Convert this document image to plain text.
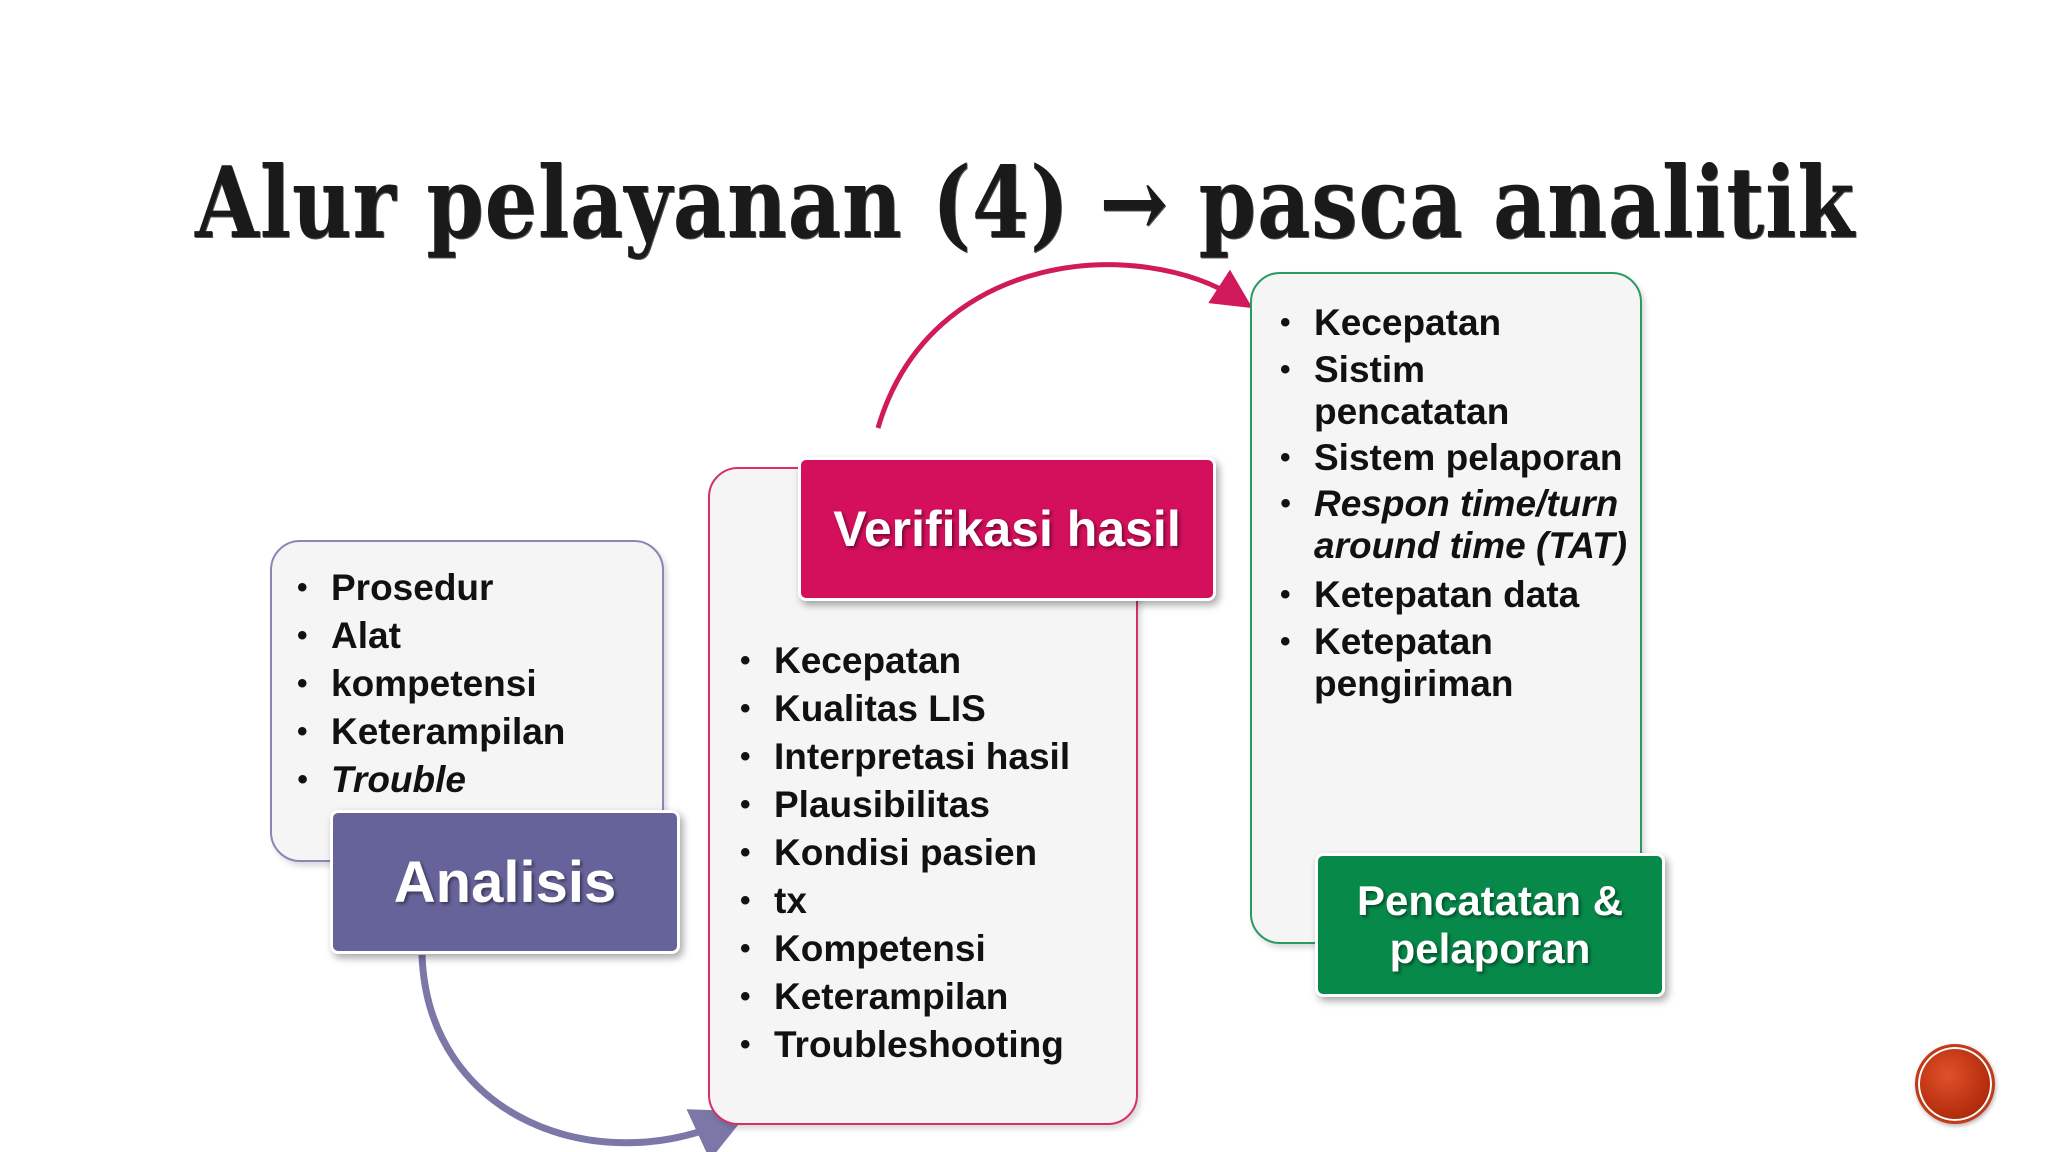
Alur pelayanan (4) → pasca analitik
• Prosedur
• Alat
• kompetensi
• Keterampilan
• Trouble
Analisis
Verifikasi hasil
• Kecepatan
• Kualitas LIS
• Interpretasi hasil
• Plausibilitas
• Kondisi pasien
• tx
• Kompetensi
• Keterampilan
• Troubleshooting
• Kecepatan
• Sistim pencatatan
• Sistem pelaporan
• Respon time/turn around time (TAT)
• Ketepatan data
• Ketepatan pengiriman
Pencatatan &
pelaporan
